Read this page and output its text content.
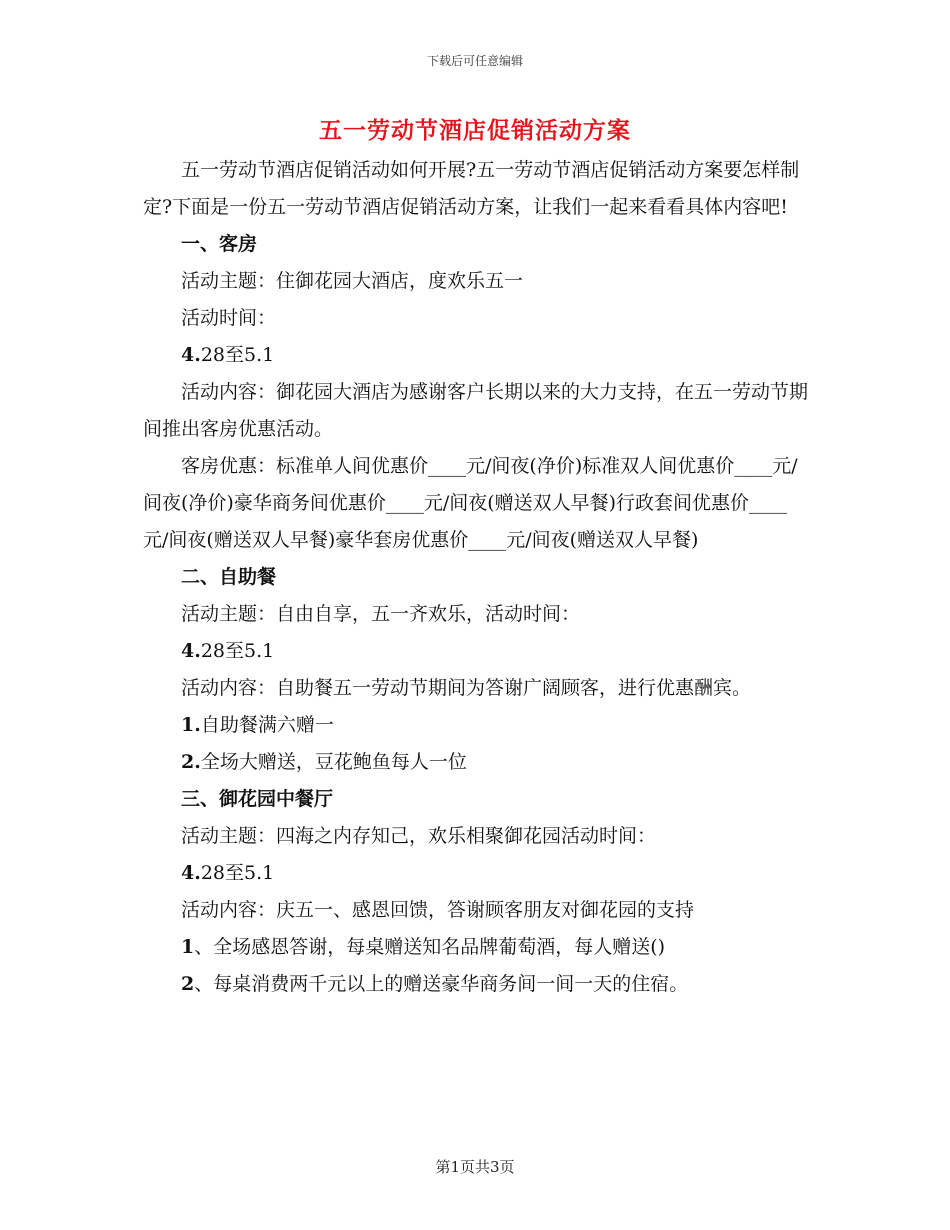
下载后可任意编辑
五一劳动节酒店促销活动方案

五一劳动节酒店促销活动如何开展?五一劳动节酒店促销活动方案要怎样制定?下面是一份五一劳动节酒店促销活动方案，让我们一起来看看具体内容吧!

一、客房

活动主题：住御花园大酒店，度欢乐五一

活动时间：

4.28至5.1

活动内容：御花园大酒店为感谢客户长期以来的大力支持，在五一劳动节期间推出客房优惠活动。

客房优惠：标准单人间优惠价____元/间夜(净价)标准双人间优惠价____元/间夜(净价)豪华商务间优惠价____元/间夜(赠送双人早餐)行政套间优惠价____元/间夜(赠送双人早餐)豪华套房优惠价____元/间夜(赠送双人早餐)

二、自助餐

活动主题：自由自享，五一齐欢乐，活动时间：

4.28至5.1

活动内容：自助餐五一劳动节期间为答谢广阔顾客，进行优惠酬宾。

1.自助餐满六赠一

2.全场大赠送，豆花鲍鱼每人一位

三、御花园中餐厅

活动主题：四海之内存知己，欢乐相聚御花园活动时间：

4.28至5.1

活动内容：庆五一、感恩回馈，答谢顾客朋友对御花园的支持

1、全场感恩答谢，每桌赠送知名品牌葡萄酒，每人赠送()

2、每桌消费两千元以上的赠送豪华商务间一间一天的住宿。

第1页共3页
